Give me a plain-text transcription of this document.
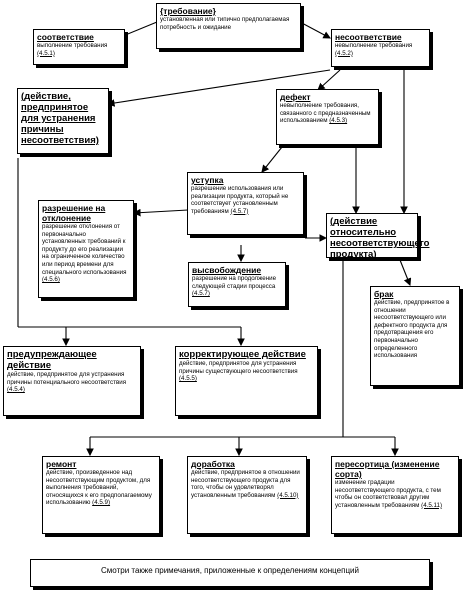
{требование}
установленная или типично предполагаемая потребность и ожидание
соответствие
выполнение требования (4.5.1)
несоответствие
невыполнение требования (4.5.2)
(действие, предпринятое для устранения причины несоответствия)
дефект
невыполнение требования, связанного с предназначенным использованием (4.5.3)
уступка
разрешение использования или реализации продукта, который не соответствует установленным требованиям (4.5.7)
разрешение на отклонение
разрешение отклонения от первоначально установленных требований к продукту до его реализации на ограниченное количество или период времени для специального использования
(4.5.6)
(действие относительно несоответствующего продукта)
высвобождение
разрешение на продолжение следующей стадии процесса (4.5.7)	брак
действие, предпринятое в отношении несоответствующего или дефектного продукта для предотвращения его первоначально определенного использования
предупреждающее действие
действие, предпринятое для устранения причины потенциального несоответствия
(4.5.4)
корректирующее действие
действие, предпринятое для устранения причины существующего несоответствия
(4.5.5)
ремонт
действие, произведенное над несоответствующим продуктом, для выполнения требований, относящихся к его предполагаемому использованию (4.5.9)
доработка
действие, предпринятое в отношении несоответствующего продукта для того, чтобы он удовлетворял установленным требованиям (4.5.10)
пересортица (изменение сорта)
изменение градации несоответствующего продукта, с тем чтобы он соответствовал другим установленным требованиям (4.5.11)
Смотри также примечания, приложенные к определениям концепций
